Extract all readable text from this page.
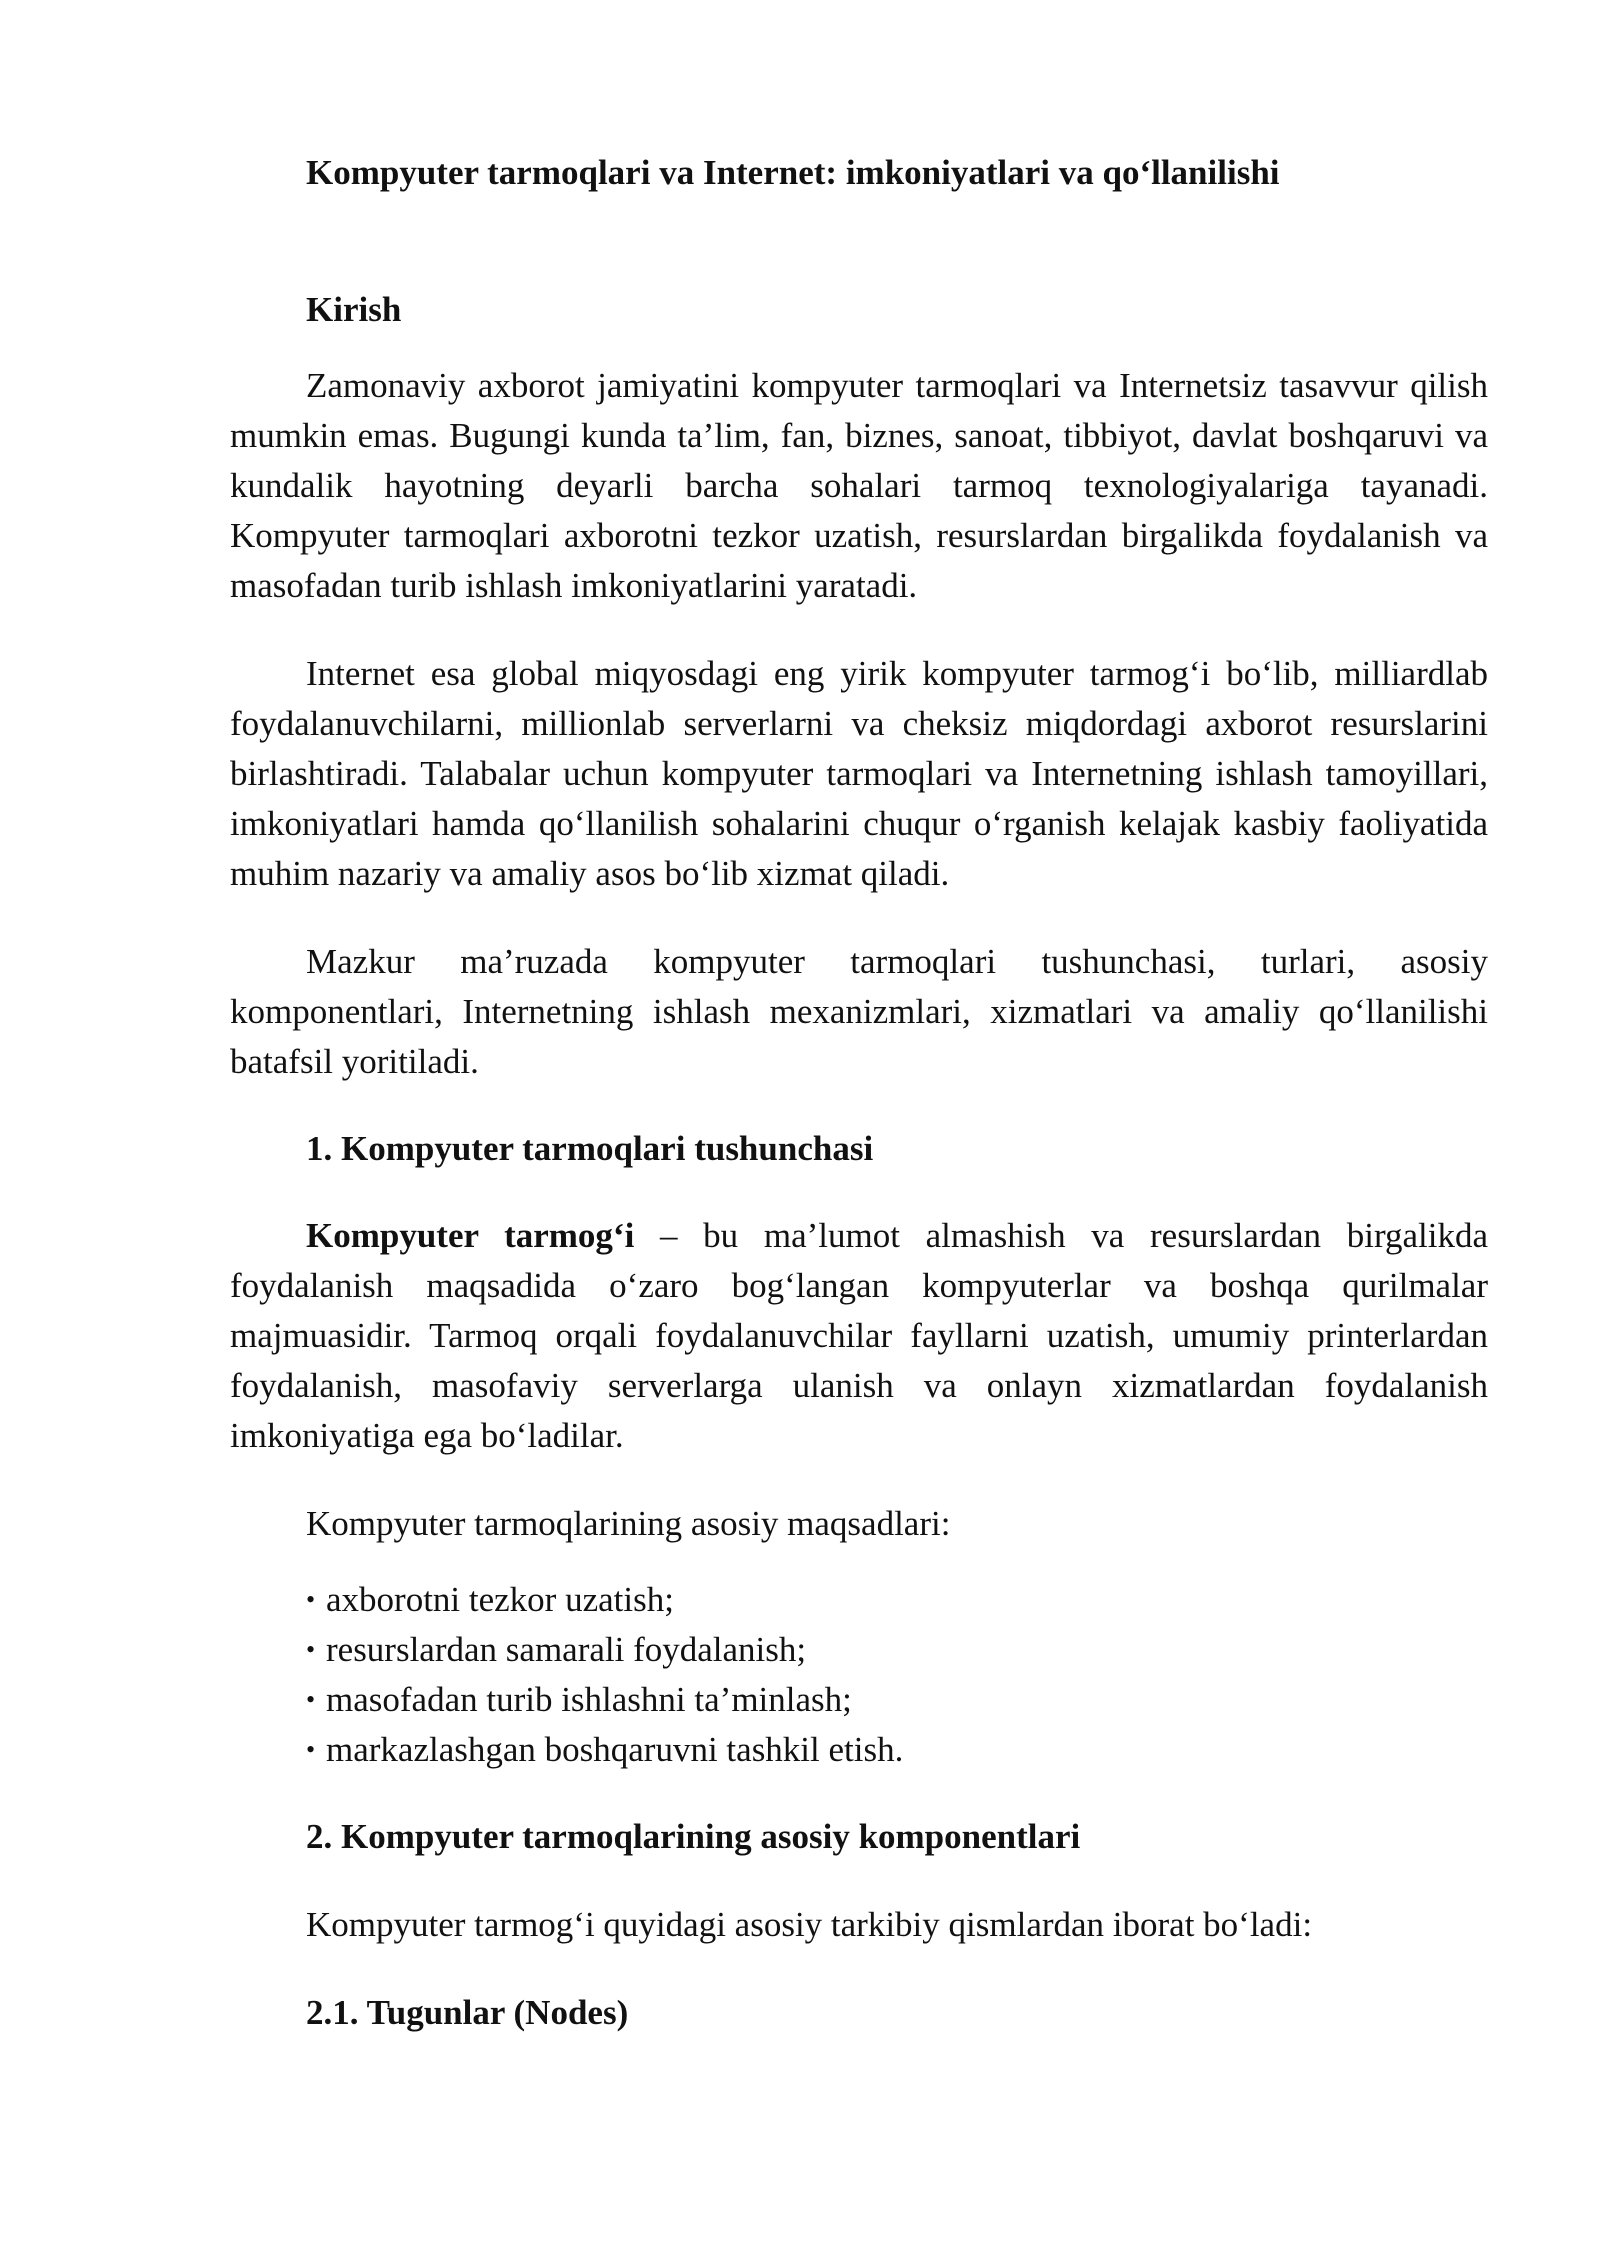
Kompyuter tarmoqlari va Internet: imkoniyatlari va qo‘llanilishi
Kirish

Zamonaviy axborot jamiyatini kompyuter tarmoqlari va Internetsiz tasavvur qilish mumkin emas. Bugungi kunda ta’lim, fan, biznes, sanoat, tibbiyot, davlat boshqaruvi va kundalik hayotning deyarli barcha sohalari tarmoq texnologiyalariga tayanadi. Kompyuter tarmoqlari axborotni tezkor uzatish, resurslardan birgalikda foydalanish va masofadan turib ishlash imkoniyatlarini yaratadi.

Internet esa global miqyosdagi eng yirik kompyuter tarmog‘i bo‘lib, milliardlab foydalanuvchilarni, millionlab serverlarni va cheksiz miqdordagi axborot resurslarini birlashtiradi. Talabalar uchun kompyuter tarmoqlari va Internetning ishlash tamoyillari, imkoniyatlari hamda qo‘llanilish sohalarini chuqur o‘rganish kelajak kasbiy faoliyatida muhim nazariy va amaliy asos bo‘lib xizmat qiladi.

Mazkur ma’ruzada kompyuter tarmoqlari tushunchasi, turlari, asosiy komponentlari, Internetning ishlash mexanizmlari, xizmatlari va amaliy qo‘llanilishi batafsil yoritiladi.

1. Kompyuter tarmoqlari tushunchasi

Kompyuter tarmog‘i – bu ma’lumot almashish va resurslardan birgalikda foydalanish maqsadida o‘zaro bog‘langan kompyuterlar va boshqa qurilmalar majmuasidir. Tarmoq orqali foydalanuvchilar fayllarni uzatish, umumiy printerlardan foydalanish, masofaviy serverlarga ulanish va onlayn xizmatlardan foydalanish imkoniyatiga ega bo‘ladilar.

Kompyuter tarmoqlarining asosiy maqsadlari:
• axborotni tezkor uzatish;
• resurslardan samarali foydalanish;
• masofadan turib ishlashni ta’minlash;
• markazlashgan boshqaruvni tashkil etish.
2. Kompyuter tarmoqlarining asosiy komponentlari
Kompyuter tarmog‘i quyidagi asosiy tarkibiy qismlardan iborat bo‘ladi:
2.1. Tugunlar (Nodes)
